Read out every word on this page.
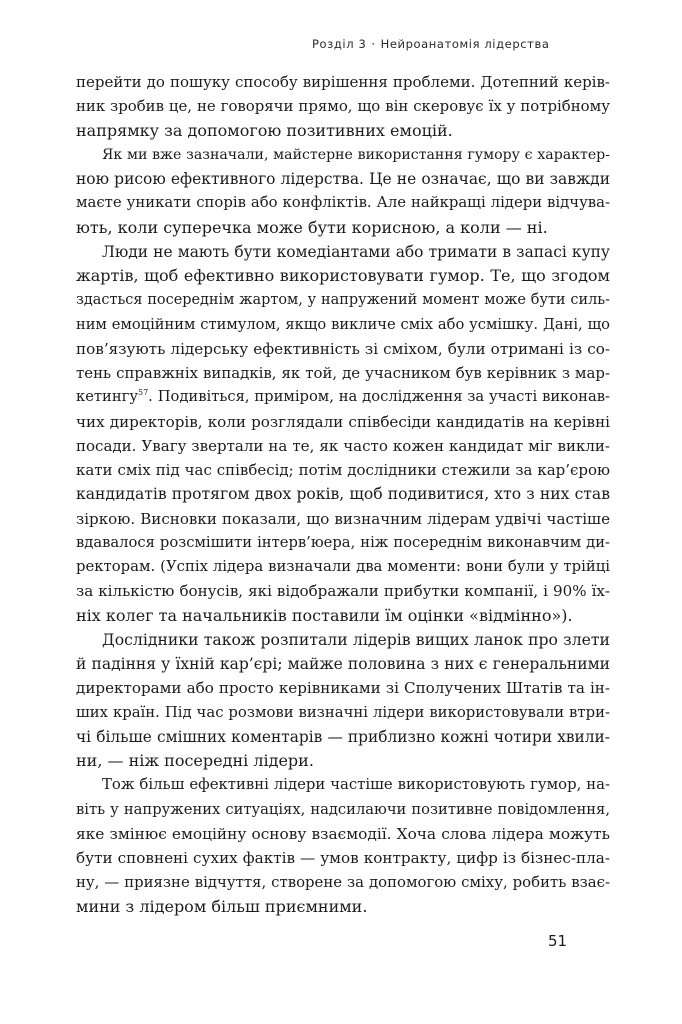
Розділ 3 · Нейроанатомія лідерства
перейти до пошуку способу вирішення проблеми. Дотепний керів-
ник зробив це, не говорячи прямо, що він скеровує їх у потрібному
напрямку за допомогою позитивних емоцій.
Як ми вже зазначали, майстерне використання гумору є характер-
ною рисою ефективного лідерства. Це не означає, що ви завжди
маєте уникати спорів або конфліктів. Але найкращі лідери відчува-
ють, коли суперечка може бути корисною, а коли — ні.
Люди не мають бути комедіантами або тримати в запасі купу
жартів, щоб ефективно використовувати гумор. Те, що згодом
здасться посереднім жартом, у напружений момент може бути силь-
ним емоційним стимулом, якщо викличе сміх або усмішку. Дані, що
пов’язують лідерську ефективність зі сміхом, були отримані із со-
тень справжніх випадків, як той, де учасником був керівник з мар-
кетингу$^{57}$. Подивіться, приміром, на дослідження за участі виконав-
чих директорів, коли розглядали співбесіди кандидатів на керівні
посади. Увагу звертали на те, як часто кожен кандидат міг викли-
кати сміх під час співбесід; потім дослідники стежили за кар’єрою
кандидатів протягом двох років, щоб подивитися, хто з них став
зіркою. Висновки показали, що визначним лідерам удвічі частіше
вдавалося розсмішити інтерв’юера, ніж посереднім виконавчим ди-
ректорам. (Успіх лідера визначали два моменти: вони були у трійці
за кількістю бонусів, які відображали прибутки компанії, і 90% їх-
ніх колег та начальників поставили їм оцінки «відмінно»).
Дослідники також розпитали лідерів вищих ланок про злети
й падіння у їхній кар’єрі; майже половина з них є генеральними
директорами або просто керівниками зі Сполучених Штатів та ін-
ших країн. Під час розмови визначні лідери використовували втри-
чі більше смішних коментарів — приблизно кожні чотири хвили-
ни, — ніж посередні лідери.
Тож більш ефективні лідери частіше використовують гумор, на-
віть у напружених ситуаціях, надсилаючи позитивне повідомлення,
яке змінює емоційну основу взаємодії. Хоча слова лідера можуть
бути сповнені сухих фактів — умов контракту, цифр із бізнес-пла-
ну, — приязне відчуття, створене за допомогою сміху, робить взає-
мини з лідером більш приємними.
51
